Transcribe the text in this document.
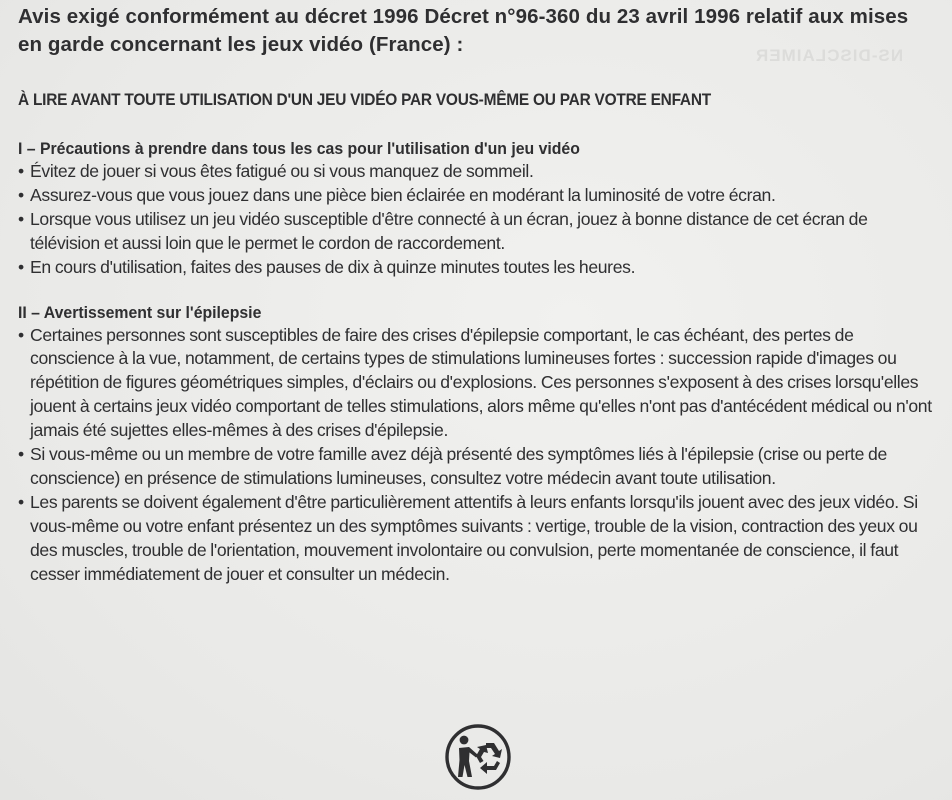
NS-DISCLAIMER
Avis exigé conformément au décret 1996 Décret n°96-360 du 23 avril 1996 relatif aux mises en garde concernant les jeux vidéo (France) :

À LIRE AVANT TOUTE UTILISATION D'UN JEU VIDÉO PAR VOUS-MÊME OU PAR VOTRE ENFANT

I – Précautions à prendre dans tous les cas pour l'utilisation d'un jeu vidéo
• Évitez de jouer si vous êtes fatigué ou si vous manquez de sommeil.
• Assurez-vous que vous jouez dans une pièce bien éclairée en modérant la luminosité de votre écran.
• Lorsque vous utilisez un jeu vidéo susceptible d'être connecté à un écran, jouez à bonne distance de cet écran de télévision et aussi loin que le permet le cordon de raccordement.
• En cours d'utilisation, faites des pauses de dix à quinze minutes toutes les heures.
II – Avertissement sur l'épilepsie
• Certaines personnes sont susceptibles de faire des crises d'épilepsie comportant, le cas échéant, des pertes de conscience à la vue, notamment, de certains types de stimulations lumineuses fortes : succession rapide d'images ou répétition de figures géométriques simples, d'éclairs ou d'explosions. Ces personnes s'exposent à des crises lorsqu'elles jouent à certains jeux vidéo comportant de telles stimulations, alors même qu'elles n'ont pas d'antécédent médical ou n'ont jamais été sujettes elles-mêmes à des crises d'épilepsie.
• Si vous-même ou un membre de votre famille avez déjà présenté des symptômes liés à l'épilepsie (crise ou perte de conscience) en présence de stimulations lumineuses, consultez votre médecin avant toute utilisation.
• Les parents se doivent également d'être particulièrement attentifs à leurs enfants lorsqu'ils jouent avec des jeux vidéo. Si vous-même ou votre enfant présentez un des symptômes suivants : vertige, trouble de la vision, contraction des yeux ou des muscles, trouble de l'orientation, mouvement involontaire ou convulsion, perte momentanée de conscience, il faut cesser immédiatement de jouer et consulter un médecin.
